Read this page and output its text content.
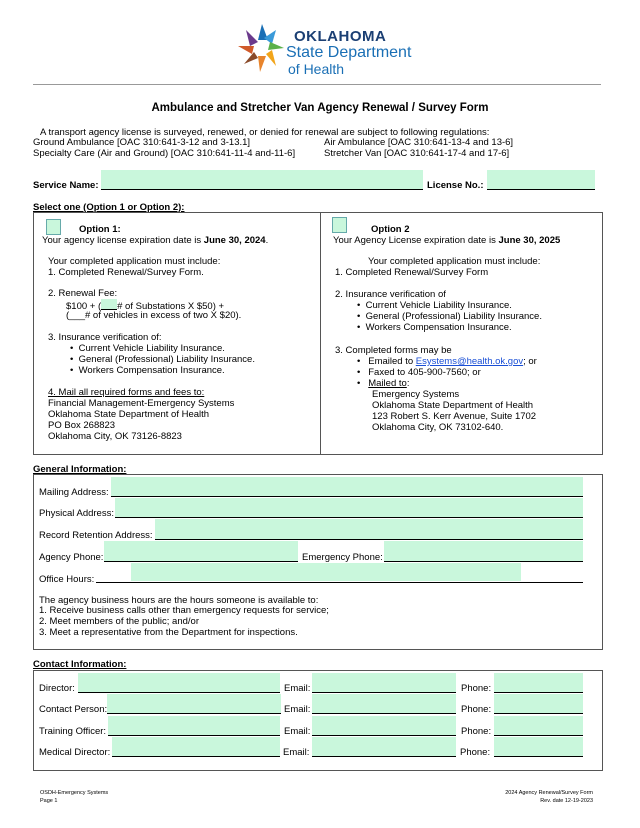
OKLAHOMA
State Department
of Health
Ambulance and Stretcher Van Agency Renewal / Survey Form
A transport agency license is surveyed, renewed, or denied for renewal are subject to following regulations:
Ground Ambulance [OAC 310:641-3-12 and 3-13.1]	Air Ambulance [OAC 310:641-13-4 and 13-6]
Specialty Care (Air and Ground) [OAC 310:641-11-4 and-11-6]	Stretcher Van [OAC 310:641-17-4 and 17-6]
Service Name:	License No.:
Select one (Option 1 or Option 2):
Option 1:
Your agency license expiration date is June 30, 2024.
Your completed application must include:
1. Completed Renewal/Survey Form.
2. Renewal Fee:
$100 + ( # of Substations X $50) +
(___# of vehicles in excess of two X $20).
3. Insurance verification of:
•  Current Vehicle Liability Insurance.
•  General (Professional) Liability Insurance.
•  Workers Compensation Insurance.
4. Mail all required forms and fees to:
Financial Management-Emergency Systems
Oklahoma State Department of Health
PO Box 268823
Oklahoma City, OK 73126-8823
Option 2
Your Agency License expiration date is June 30, 2025
Your completed application must include:
1. Completed Renewal/Survey Form
2. Insurance verification of
•  Current Vehicle Liability Insurance.
•  General (Professional) Liability Insurance.
•  Workers Compensation Insurance.
3. Completed forms may be
•   Emailed to Esystems@health.ok.gov; or
•   Faxed to 405-900-7560; or
•   Mailed to:
Emergency Systems
Oklahoma State Department of Health
123 Robert S. Kerr Avenue, Suite 1702
Oklahoma City, OK 73102-640.
General Information:
Mailing Address:
Physical Address:
Record Retention Address:
Agency Phone:	Emergency Phone:
Office Hours:
The agency business hours are the hours someone is available to:
1. Receive business calls other than emergency requests for service;
2. Meet members of the public; and/or
3. Meet a representative from the Department for inspections.
Contact Information:
Director:	Email:	Phone:
Contact Person:	Email:	Phone:
Training Officer:	Email:	Phone:
Medical Director:	Email:	Phone:
OSDH-Emergency Systems
Page 1
2024 Agency Renewal/Survey Form
Rev. date 12-19-2023
